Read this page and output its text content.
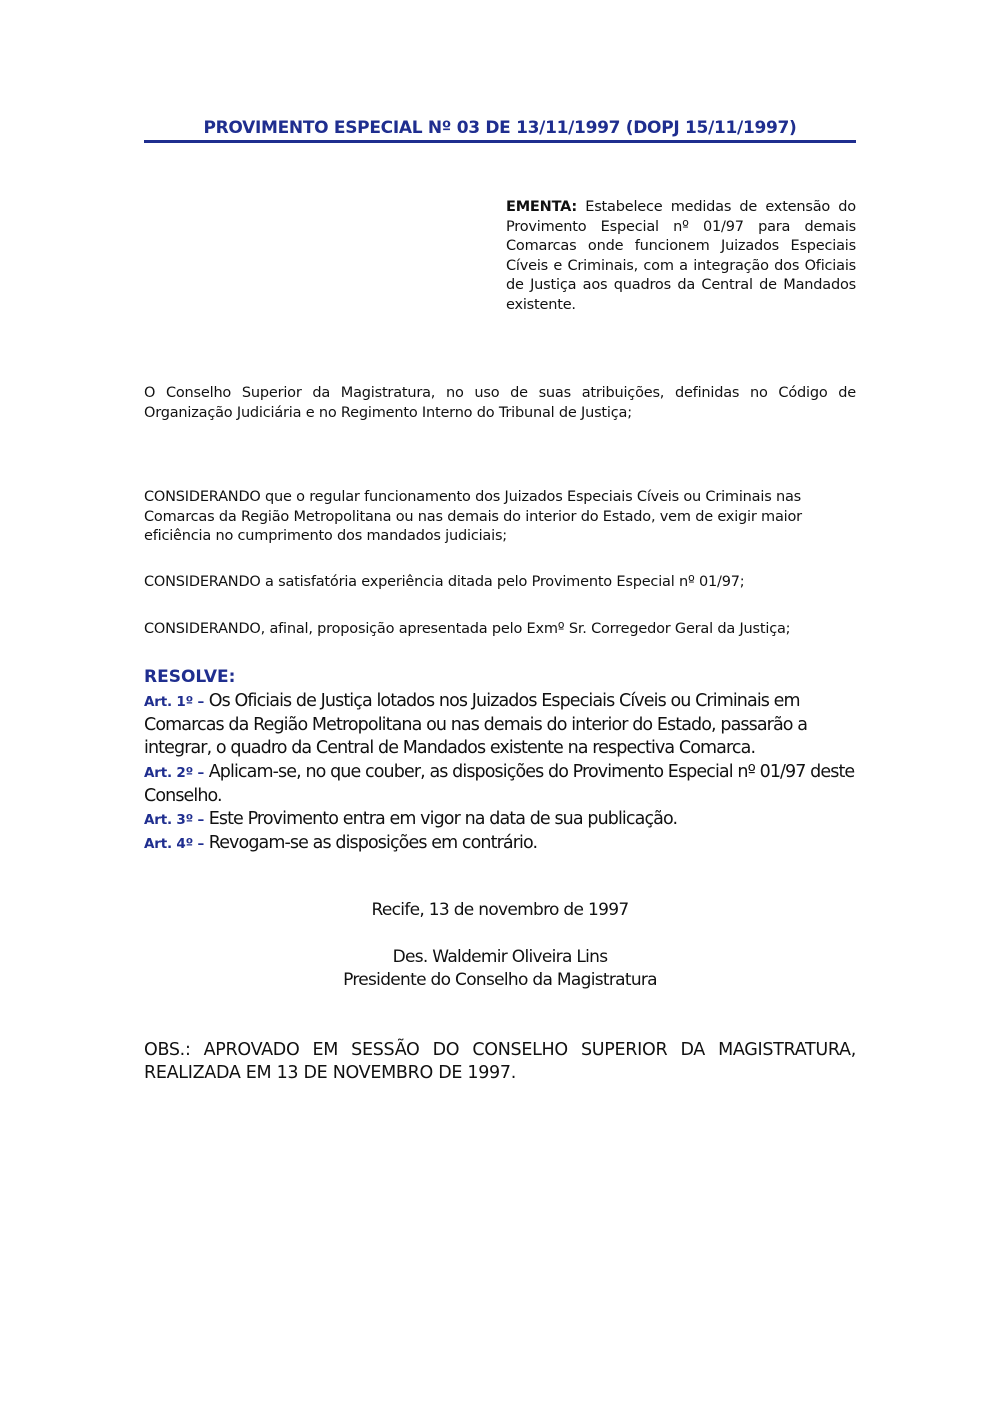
PROVIMENTO ESPECIAL Nº 03 DE 13/11/1997 (DOPJ 15/11/1997)
EMENTA: Estabelece medidas de extensão do Provimento Especial nº 01/97 para demais Comarcas onde funcionem Juizados Especiais Cíveis e Criminais, com a integração dos Oficiais de Justiça aos quadros da Central de Mandados existente.
O Conselho Superior da Magistratura, no uso de suas atribuições, definidas no Código de Organização Judiciária e no Regimento Interno do Tribunal de Justiça;
CONSIDERANDO que o regular funcionamento dos Juizados Especiais Cíveis ou Criminais nas Comarcas da Região Metropolitana ou nas demais do interior do Estado, vem de exigir maior eficiência no cumprimento dos mandados judiciais;
CONSIDERANDO a satisfatória experiência ditada pelo Provimento Especial nº 01/97;
CONSIDERANDO, afinal, proposição apresentada pelo Exmº Sr. Corregedor Geral da Justiça;
RESOLVE:
Art. 1º – Os Oficiais de Justiça lotados nos Juizados Especiais Cíveis ou Criminais em Comarcas da Região Metropolitana ou nas demais do interior do Estado, passarão a integrar, o quadro da Central de Mandados existente na respectiva Comarca.
Art. 2º – Aplicam-se, no que couber, as disposições do Provimento Especial nº 01/97 deste Conselho.
Art. 3º – Este Provimento entra em vigor na data de sua publicação.
Art. 4º – Revogam-se as disposições em contrário.
Recife, 13 de novembro de 1997
Des. Waldemir Oliveira Lins
Presidente do Conselho da Magistratura
OBS.: APROVADO EM SESSÃO DO CONSELHO SUPERIOR DA MAGISTRATURA, REALIZADA EM 13 DE NOVEMBRO DE 1997.
